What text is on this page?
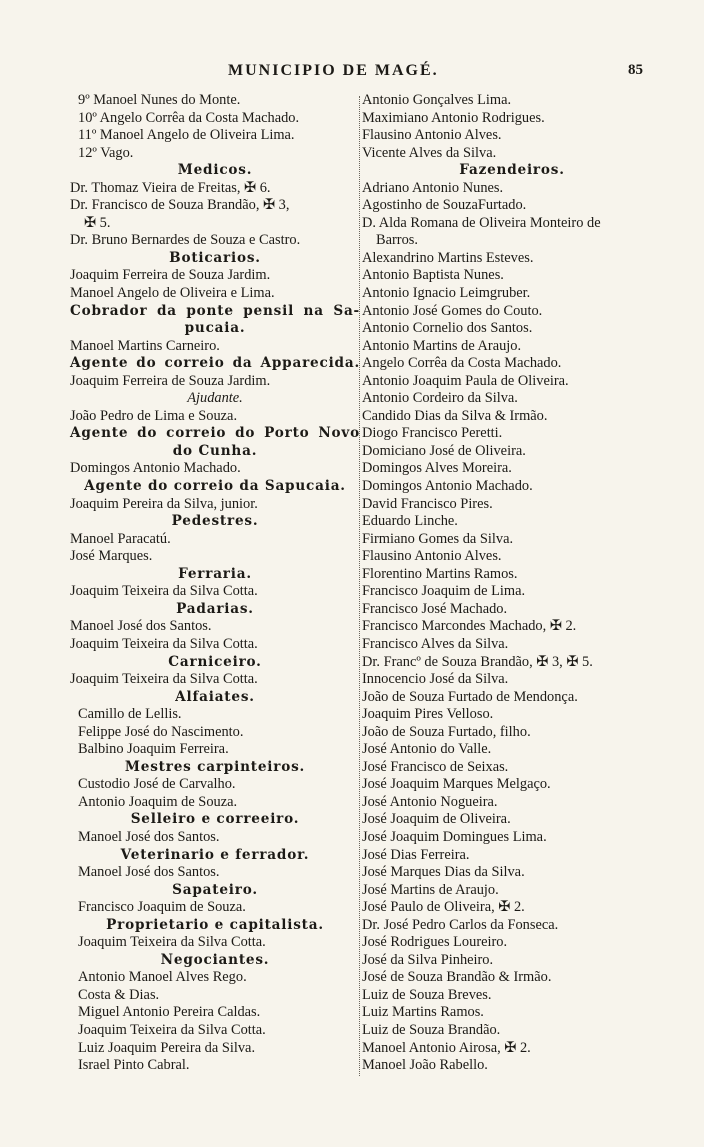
MUNICIPIO DE MAGÉ.	85
9º Manoel Nunes do Monte.
10º Angelo Corrêa da Costa Machado.
11º Manoel Angelo de Oliveira Lima.
12º Vago.
Medicos.
Dr. Thomaz Vieira de Freitas, ✠ 6.
Dr. Francisco de Souza Brandão, ✠ 3,
✠ 5.
Dr. Bruno Bernardes de Souza e Castro.
Boticarios.
Joaquim Ferreira de Souza Jardim.
Manoel Angelo de Oliveira e Lima.
Cobrador da ponte pensil na Sa-
pucaia.
Manoel Martins Carneiro.
Agente do correio da Apparecida.
Joaquim Ferreira de Souza Jardim.
Ajudante.
João Pedro de Lima e Souza.
Agente do correio do Porto Novo
do Cunha.
Domingos Antonio Machado.
Agente do correio da Sapucaia.
Joaquim Pereira da Silva, junior.
Pedestres.
Manoel Paracatú.
José Marques.
Ferraria.
Joaquim Teixeira da Silva Cotta.
Padarias.
Manoel José dos Santos.
Joaquim Teixeira da Silva Cotta.
Carniceiro.
Joaquim Teixeira da Silva Cotta.
Alfaiates.
Camillo de Lellis.
Felippe José do Nascimento.
Balbino Joaquim Ferreira.
Mestres carpinteiros.
Custodio José de Carvalho.
Antonio Joaquim de Souza.
Selleiro e correeiro.
Manoel José dos Santos.
Veterinario e ferrador.
Manoel José dos Santos.
Sapateiro.
Francisco Joaquim de Souza.
Proprietario e capitalista.
Joaquim Teixeira da Silva Cotta.
Negociantes.
Antonio Manoel Alves Rego.
Costa & Dias.
Miguel Antonio Pereira Caldas.
Joaquim Teixeira da Silva Cotta.
Luiz Joaquim Pereira da Silva.
Israel Pinto Cabral.
Antonio Gonçalves Lima.
Maximiano Antonio Rodrigues.
Flausino Antonio Alves.
Vicente Alves da Silva.
Fazendeiros.
Adriano Antonio Nunes.
Agostinho de SouzaFurtado.
D. Alda Romana de Oliveira Monteiro de
Barros.
Alexandrino Martins Esteves.
Antonio Baptista Nunes.
Antonio Ignacio Leimgruber.
Antonio José Gomes do Couto.
Antonio Cornelio dos Santos.
Antonio Martins de Araujo.
Angelo Corrêa da Costa Machado.
Antonio Joaquim Paula de Oliveira.
Antonio Cordeiro da Silva.
Candido Dias da Silva & Irmão.
Diogo Francisco Peretti.
Domiciano José de Oliveira.
Domingos Alves Moreira.
Domingos Antonio Machado.
David Francisco Pires.
Eduardo Linche.
Firmiano Gomes da Silva.
Flausino Antonio Alves.
Florentino Martins Ramos.
Francisco Joaquim de Lima.
Francisco José Machado.
Francisco Marcondes Machado, ✠ 2.
Francisco Alves da Silva.
Dr. Francº de Souza Brandão, ✠ 3, ✠ 5.
Innocencio José da Silva.
João de Souza Furtado de Mendonça.
Joaquim Pires Velloso.
João de Souza Furtado, filho.
José Antonio do Valle.
José Francisco de Seixas.
José Joaquim Marques Melgaço.
José Antonio Nogueira.
José Joaquim de Oliveira.
José Joaquim Domingues Lima.
José Dias Ferreira.
José Marques Dias da Silva.
José Martins de Araujo.
José Paulo de Oliveira, ✠ 2.
Dr. José Pedro Carlos da Fonseca.
José Rodrigues Loureiro.
José da Silva Pinheiro.
José de Souza Brandão & Irmão.
Luiz de Souza Breves.
Luiz Martins Ramos.
Luiz de Souza Brandão.
Manoel Antonio Airosa, ✠ 2.
Manoel João Rabello.
